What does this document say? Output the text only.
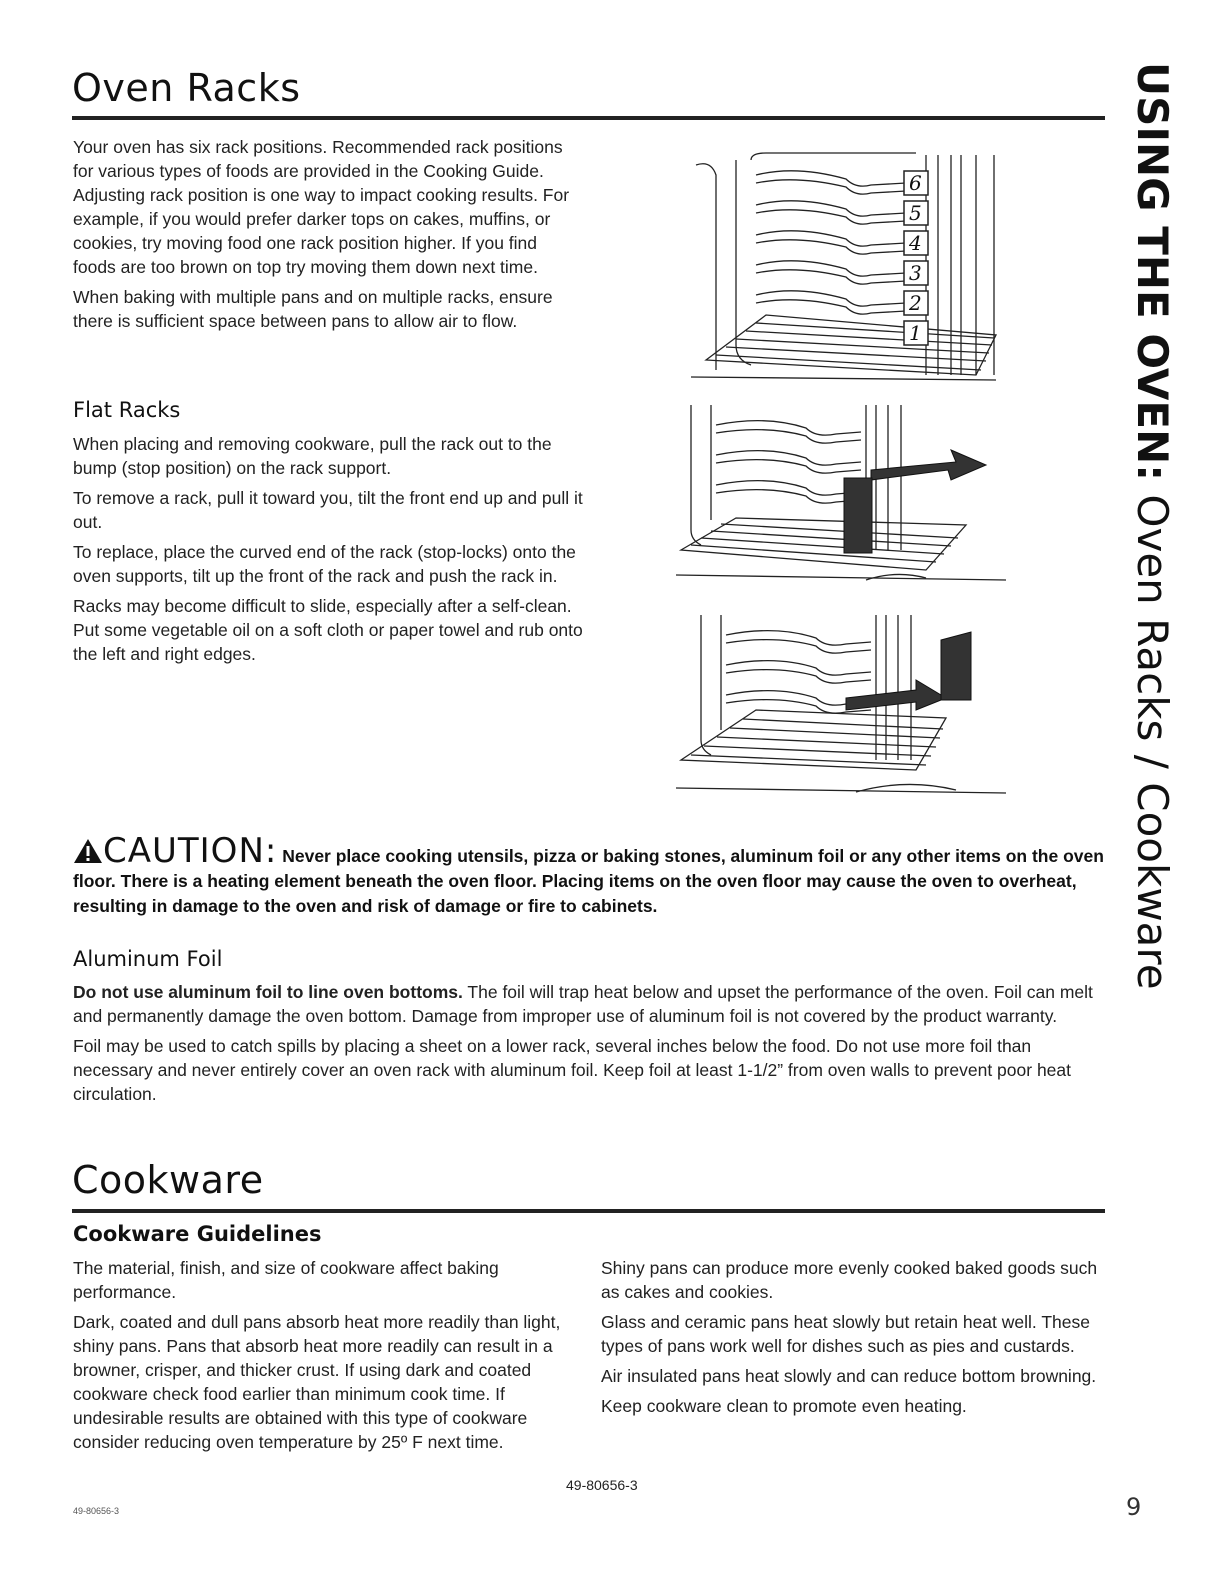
Oven Racks

Your oven has six rack positions. Recommended rack positions for various types of foods are provided in the Cooking Guide. Adjusting rack position is one way to impact cooking results. For example, if you would prefer darker tops on cakes, muffins, or cookies, try moving food one rack position higher. If you find foods are too brown on top try moving them down next time.

When baking with multiple pans and on multiple racks, ensure there is sufficient space between pans to allow air to flow.

Flat Racks

When placing and removing cookware, pull the rack out to the bump (stop position) on the rack support.

To remove a rack, pull it toward you, tilt the front end up and pull it out.

To replace, place the curved end of the rack (stop-locks) onto the oven supports, tilt up the front of the rack and push the rack in.

Racks may become difficult to slide, especially after a self-clean. Put some vegetable oil on a soft cloth or paper towel and rub onto the left and right edges.

6
5
4
3
2
1
CAUTION: Never place cooking utensils, pizza or baking stones, aluminum foil or any other items on the oven floor. There is a heating element beneath the oven floor. Placing items on the oven floor may cause the oven to overheat, resulting in damage to the oven and risk of damage or fire to cabinets.
Aluminum Foil

Do not use aluminum foil to line oven bottoms. The foil will trap heat below and upset the performance of the oven. Foil can melt and permanently damage the oven bottom. Damage from improper use of aluminum foil is not covered by the product warranty.

Foil may be used to catch spills by placing a sheet on a lower rack, several inches below the food. Do not use more foil than necessary and never entirely cover an oven rack with aluminum foil. Keep foil at least 1-1/2” from oven walls to prevent poor heat circulation.

Cookware
Cookware Guidelines

The material, finish, and size of cookware affect baking performance.

Dark, coated and dull pans absorb heat more readily than light, shiny pans. Pans that absorb heat more readily can result in a browner, crisper, and thicker crust. If using dark and coated cookware check food earlier than minimum cook time. If undesirable results are obtained with this type of cookware consider reducing oven temperature by 25º F next time.

Shiny pans can produce more evenly cooked baked goods such as cakes and cookies.

Glass and ceramic pans heat slowly but retain heat well. These types of pans work well for dishes such as pies and custards.

Air insulated pans heat slowly and can reduce bottom browning.

Keep cookware clean to promote even heating.

USING THE OVEN: Oven Racks / Cookware
49-80656-3
49-80656-3	9
